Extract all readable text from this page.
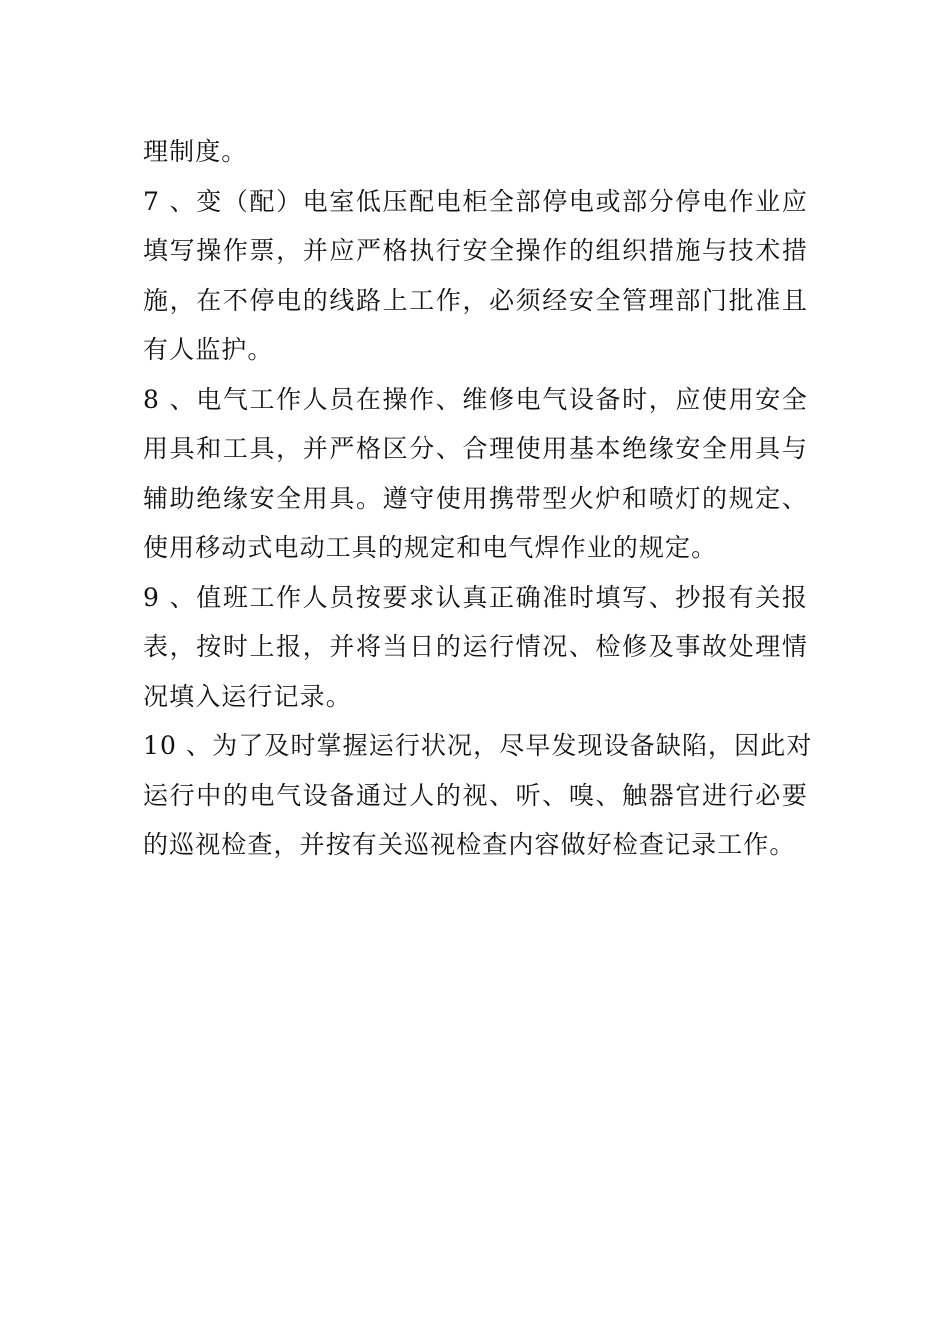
理制度。
7 、变（配）电室低压配电柜全部停电或部分停电作业应
填写操作票，并应严格执行安全操作的组织措施与技术措
施，在不停电的线路上工作，必须经安全管理部门批准且
有人监护。
8 、电气工作人员在操作、维修电气设备时，应使用安全
用具和工具，并严格区分、合理使用基本绝缘安全用具与
辅助绝缘安全用具。遵守使用携带型火炉和喷灯的规定、
使用移动式电动工具的规定和电气焊作业的规定。
9 、值班工作人员按要求认真正确准时填写、抄报有关报
表，按时上报，并将当日的运行情况、检修及事故处理情
况填入运行记录。
10 、为了及时掌握运行状况，尽早发现设备缺陷，因此对
运行中的电气设备通过人的视、听、嗅、触器官进行必要
的巡视检查，并按有关巡视检查内容做好检查记录工作。
